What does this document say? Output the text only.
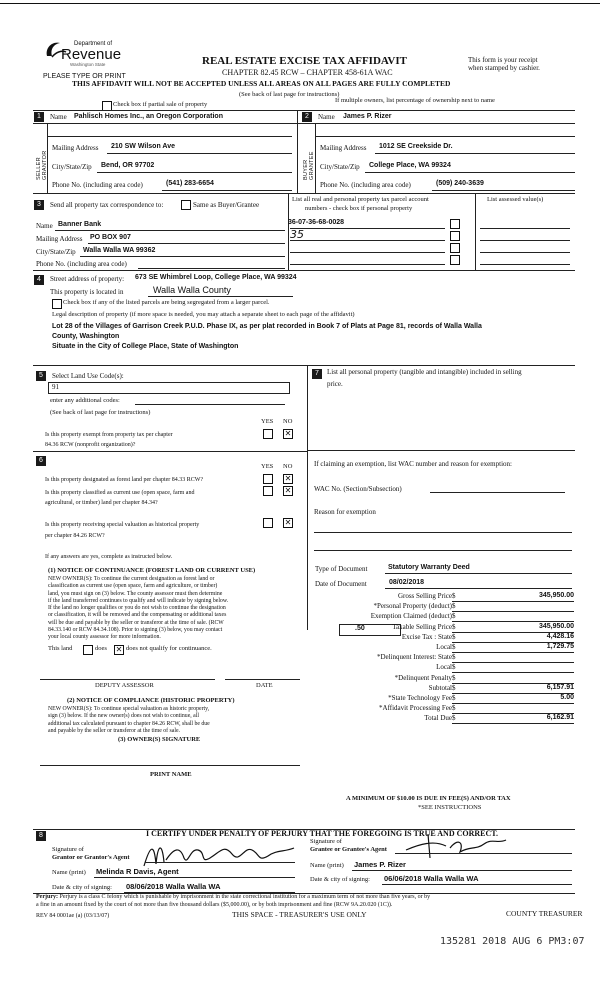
Department of
Revenue
Washington State
PLEASE TYPE OR PRINT
REAL ESTATE EXCISE TAX AFFIDAVIT
CHAPTER 82.45 RCW – CHAPTER 458-61A WAC
THIS AFFIDAVIT WILL NOT BE ACCEPTED UNLESS ALL AREAS ON ALL PAGES ARE FULLY COMPLETED
This form is your receipt
when stamped by cashier.
(See back of last page for instructions)
Check box if partial sale of property
If multiple owners, list percentage of ownership next to name
1	Name Pahlisch Homes Inc., an Oregon Corporation
SELLER GRANTOR
Mailing Address 210 SW Wilson Ave
City/State/Zip Bend, OR 97702
Phone No. (including area code)	(541) 283-6654
2	Name James P. Rizer
BUYER GRANTEE
Mailing Address 1012 SE Creekside Dr.
City/State/Zip College Place, WA 99324
Phone No. (including area code)	(509) 240-3639
3	Send all property tax correspondence to:	Same as Buyer/Grantee
Name Banner Bank
Mailing Address PO BOX 907
City/State/Zip Walla Walla WA 99362
Phone No. (including area code)
List all real and personal property tax parcel account
numbers - check box if personal property
List assessed value(s)
36-07-36-68-0028
35
4	Street address of property: 673 SE Whimbrel Loop, College Place, WA 99324
This property is located in	Walla Walla County
Check box if any of the listed parcels are being segregated from a larger parcel.
Legal description of property (if more space is needed, you may attach a separate sheet to each page of the affidavit)
Lot 28 of the Villages of Garrison Creek P.U.D. Phase IX, as per plat recorded in Book 7 of Plats at Page 81, records of Walla Walla
County, Washington
Situate in the City of College Place, State of Washington
5	Select Land Use Code(s):
91
enter any additional codes:
(See back of last page for instructions)
YES NO
Is this property exempt from property tax per chapter
84.36 RCW (nonprofit organization)?
✕
7	List all personal property (tangible and intangible) included in selling
price.
6
YES NO
Is this property designated as forest land per chapter 84.33 RCW?	✕
Is this property classified as current use (open space, farm and
agricultural, or timber) land per chapter 84.34?
✕
Is this property receiving special valuation as historical property
per chapter 84.26 RCW?
✕
If any answers are yes, complete as instructed below.
(1) NOTICE OF CONTINUANCE (FOREST LAND OR CURRENT USE)
NEW OWNER(S): To continue the current designation as forest land or
classification as current use (open space, farm and agriculture, or timber)
land, you must sign on (3) below. The county assessor must then determine
if the land transferred continues to qualify and will indicate by signing below.
If the land no longer qualifies or you do not wish to continue the designation
or classification, it will be removed and the compensating or additional taxes
will be due and payable by the seller or transferor at the time of sale. (RCW
84.33.140 or RCW 84.34.108). Prior to signing (3) below, you may contact
your local county assessor for more information.
This land	does ✕ does not qualify for continuance.
DEPUTY ASSESSOR	DATE
(2) NOTICE OF COMPLIANCE (HISTORIC PROPERTY)
NEW OWNER(S): To continue special valuation as historic property,
sign (3) below. If the new owner(s) does not wish to continue, all
additional tax calculated pursuant to chapter 84.26 RCW, shall be due
and payable by the seller or transferor at the time of sale.
(3) OWNER(S) SIGNATURE
PRINT NAME
If claiming an exemption, list WAC number and reason for exemption:
WAC No. (Section/Subsection)
Reason for exemption
Type of Document	Statutory Warranty Deed
Date of Document	08/02/2018
.50
Gross Selling Price $	345,950.00
*Personal Property (deduct) $
Exemption Claimed (deduct) $
Taxable Selling Price $	345,950.00
Excise Tax : State $	4,428.16
Local $	1,729.75
*Delinquent Interest: State $
Local $
*Delinquent Penalty $
Subtotal $	6,157.91
*State Technology Fee $	5.00
*Affidavit Processing Fee $
Total Due $	6,162.91
A MINIMUM OF $10.00 IS DUE IN FEE(S) AND/OR TAX
*SEE INSTRUCTIONS
8	I CERTIFY UNDER PENALTY OF PERJURY THAT THE FOREGOING IS TRUE AND CORRECT.
Signature of
Grantor or Grantor's Agent
Name (print) Melinda R Davis, Agent
Date & city of signing: 08/06/2018 Walla Walla WA
Signature of
Grantee or Grantee's Agent
Name (print) James P. Rizer
Date & city of signing: 06/06/2018 Walla Walla WA
Perjury: Perjury is a class C felony which is punishable by imprisonment in the state correctional institution for a maximum term of not more than five years, or by
a fine in an amount fixed by the court of not more than five thousand dollars ($5,000.00), or by both imprisonment and fine (RCW 9A.20.020 (1C)).
REV 84 0001ae (a) (03/13/07)	THIS SPACE - TREASURER'S USE ONLY	COUNTY TREASURER
135281 2018 AUG 6 PM3:07
